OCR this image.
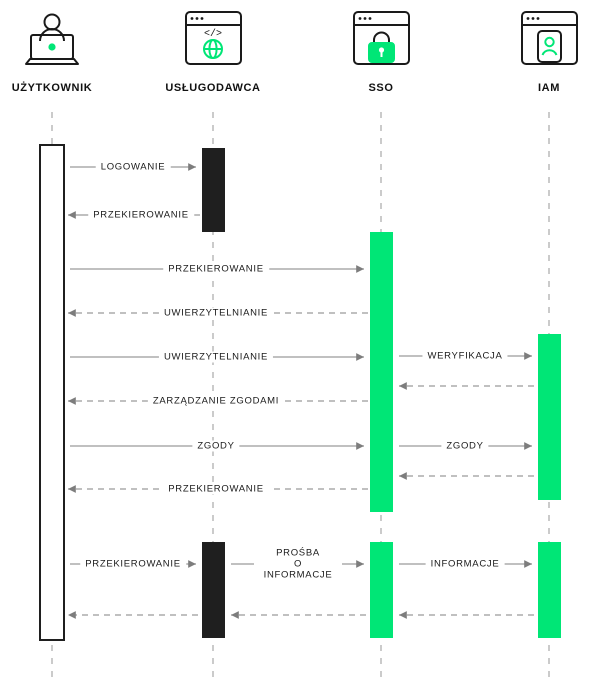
</>
UŻYTKOWNIK	USŁUGODAWCA	SSO	IAM
LOGOWANIE
PRZEKIEROWANIE
PRZEKIEROWANIE
UWIERZYTELNIANIE
UWIERZYTELNIANIE	WERYFIKACJA
ZARZĄDZANIE ZGODAMI
ZGODY	ZGODY
PRZEKIEROWANIE
PRZEKIEROWANIE
PROŚBA
O INFORMACJE
INFORMACJE
